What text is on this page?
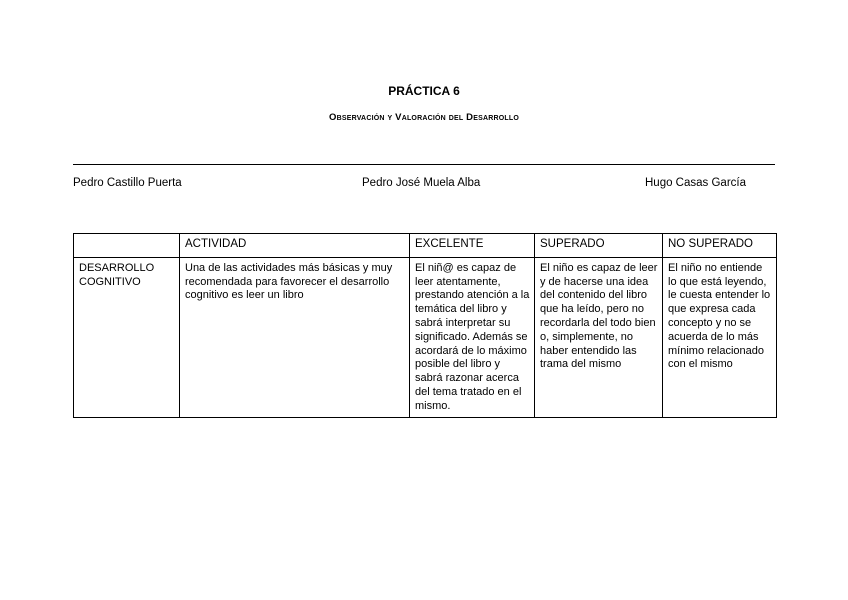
PRÁCTICA 6
Observación y Valoración del Desarrollo
Pedro Castillo Puerta	Pedro José Muela Alba	Hugo Casas García
	ACTIVIDAD	EXCELENTE	SUPERADO	NO SUPERADO
DESARROLLO COGNITIVO	Una de las actividades más básicas y muy recomendada para favorecer el desarrollo cognitivo es leer un libro	El niñ@ es capaz de leer atentamente, prestando atención a la temática del libro y sabrá interpretar su significado. Además se acordará de lo máximo posible del libro y sabrá razonar acerca del tema tratado en el mismo.	El niño es capaz de leer y de hacerse una idea del contenido del libro que ha leído, pero no recordarla del todo bien o, simplemente, no haber entendido las trama del mismo	El niño no entiende lo que está leyendo, le cuesta entender lo que expresa cada concepto y no se acuerda de lo más mínimo relacionado con el mismo
